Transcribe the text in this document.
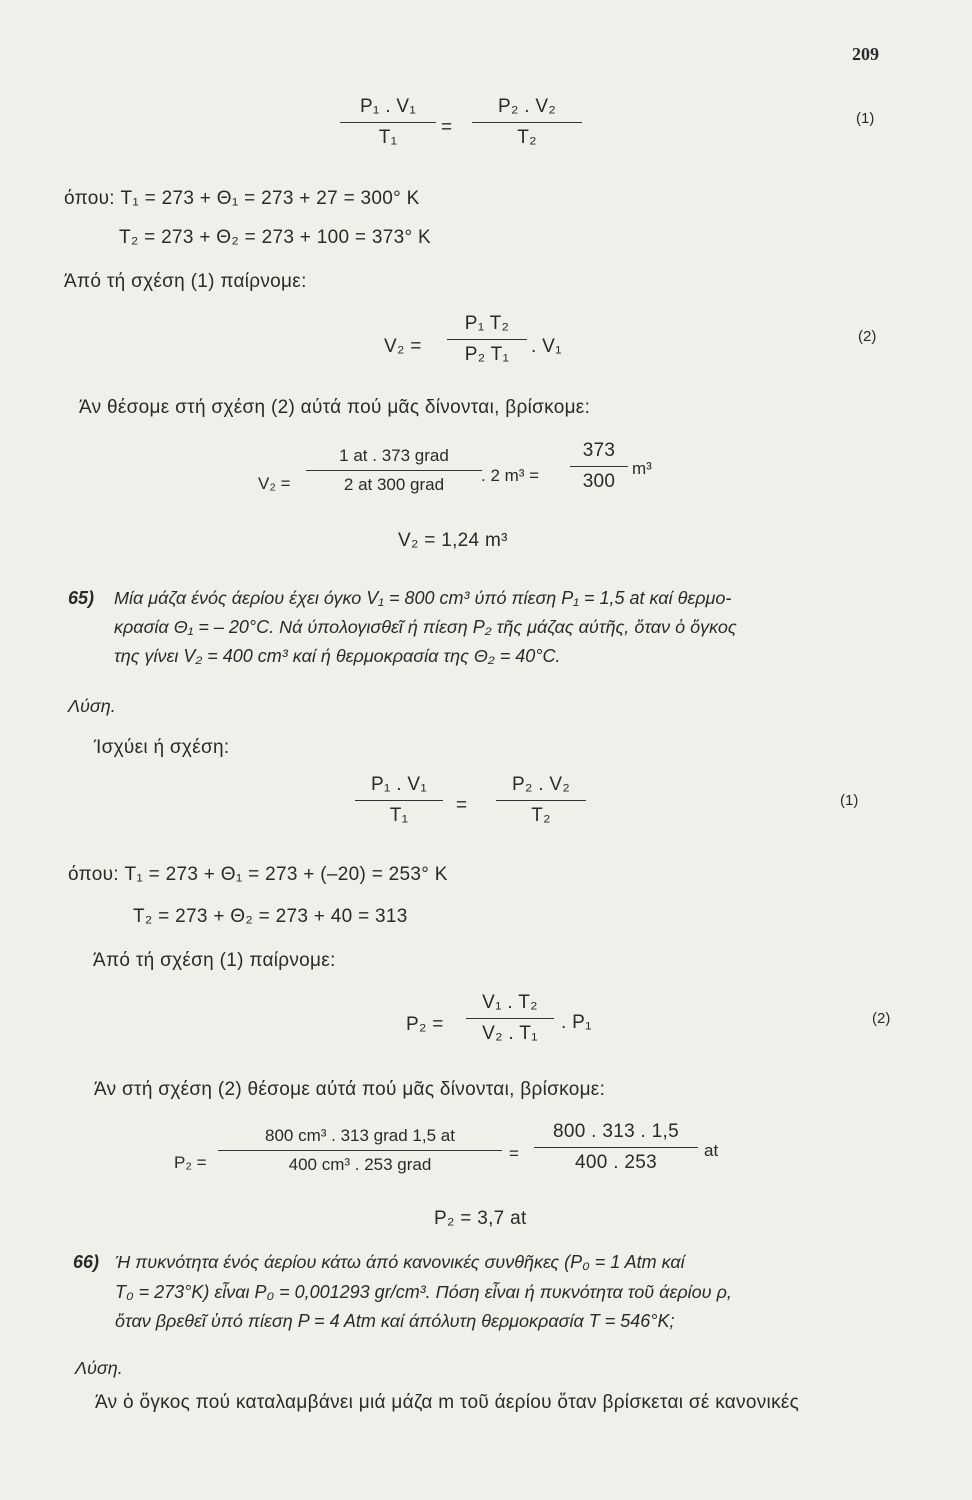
209
$\frac{\text{P₁ . V₁}}{\text{T₁}} = \frac{\text{P₂ . V₂}}{\text{T₂}}$	(1)
όπου: T₁ = 273 + Θ₁ = 273 + 27 = 300° K
T₂ = 273 + Θ₂ = 273 + 100 = 373° K
Άπό τή σχέση (1) παίρνομε:
$V_2 = \frac{\text{P₁ T₂}}{\text{P₂ T₁}}$ . V₁	(2)
Άν θέσομε στή σχέση (2) αύτά πού μᾶς δίνονται, βρίσκομε:
V₂ =
1 at . 373 grad
2 at 300 grad	. 2 $m^3 = \frac{373}{300} m^3$
V₂ = 1,24 m³
65) Μία μάζα ένός άερίου έχει όγκο V₁ = 800 cm³ ύπό πίεση P₁ = 1,5 at καί θερμο-
κρασία Θ₁ = – 20°C. Νά ύπολογισθεῖ ή πίεση P₂ τῆς μάζας αύτῆς, ὅταν ὁ ὅγκος
της γίνει V₂ = 400 cm³ καί ή θερμοκρασία της Θ₂ = 40°C.
Λύση.
Ίσχύει ή σχέση:
$\frac{\text{P₁ . V₁}}{\text{T₁}} = \frac{\text{P₂ . V₂}}{\text{T₂}}$	(1)
όπου: T₁ = 273 + Θ₁ = 273 + (–20) = 253° K
T₂ = 273 + Θ₂ = 273 + 40 = 313
Άπό τή σχέση (1) παίρνομε:
$P_2 = \frac{\text{V₁ . T₂}}{\text{V₂ . T₁}}$ . P₁	(2)
Άν στή σχέση (2) θέσομε αύτά πού μᾶς δίνονται, βρίσκομε:
P₂ =
800 cm³ . 313 grad 1,5 at
400 cm³ . 253 grad
= $\frac{800 . 313 . 1,5}{400 . 253}$ at
P₂ = 3,7 at
66) Ή πυκνότητα ένός άερίου κάτω άπό κανονικές συνθῆκες (P₀ = 1 Atm καί
T₀ = 273°K) εἶναι P₀ = 0,001293 gr/cm³. Πόση εἶναι ή πυκνότητα τοῦ άερίου ρ,
ὅταν βρεθεῖ ὑπό πίεση P = 4 Atm καί άπόλυτη θερμοκρασία T = 546°K;
Λύση.
Άν ὁ ὅγκος πού καταλαμβάνει μιά μάζα m τοῦ άερίου ὅταν βρίσκεται σέ κανονικές
